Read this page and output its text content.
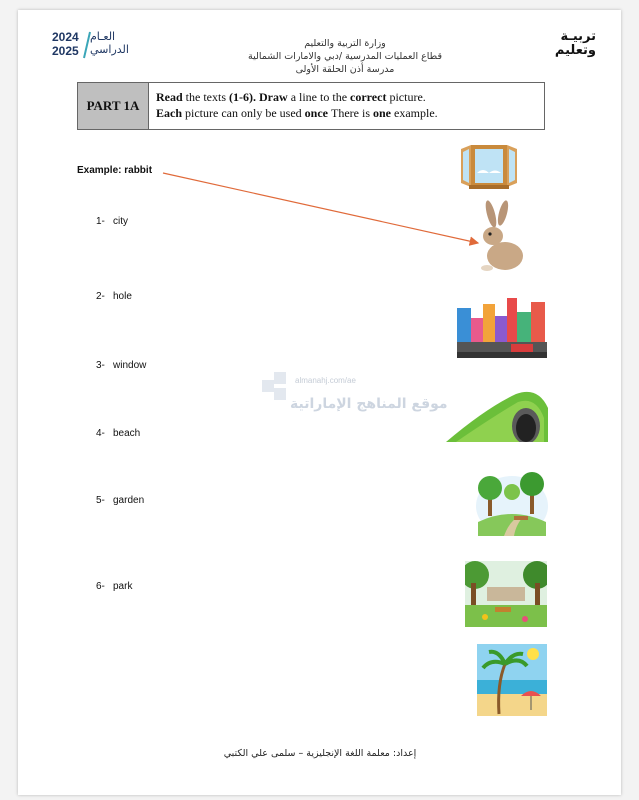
2024
2025
العـام
الدراسي
تربيـة
وتعليم
وزارة التربية والتعليم
قطاع العمليات المدرسية /دبي والامارات الشمالية
مدرسة أذن الحلقة الأولى
PART 1A
Read the texts (1-6). Draw a line to the correct picture.
Each picture can only be used once There is one example.
Example: rabbit
1- city
2- hole
3- window
4- beach
5- garden
6- park
almanahj.com/ae
موقع المناهج الإماراتية
إعداد: معلمة اللغة الإنجليزية – سلمى علي الكتبي
